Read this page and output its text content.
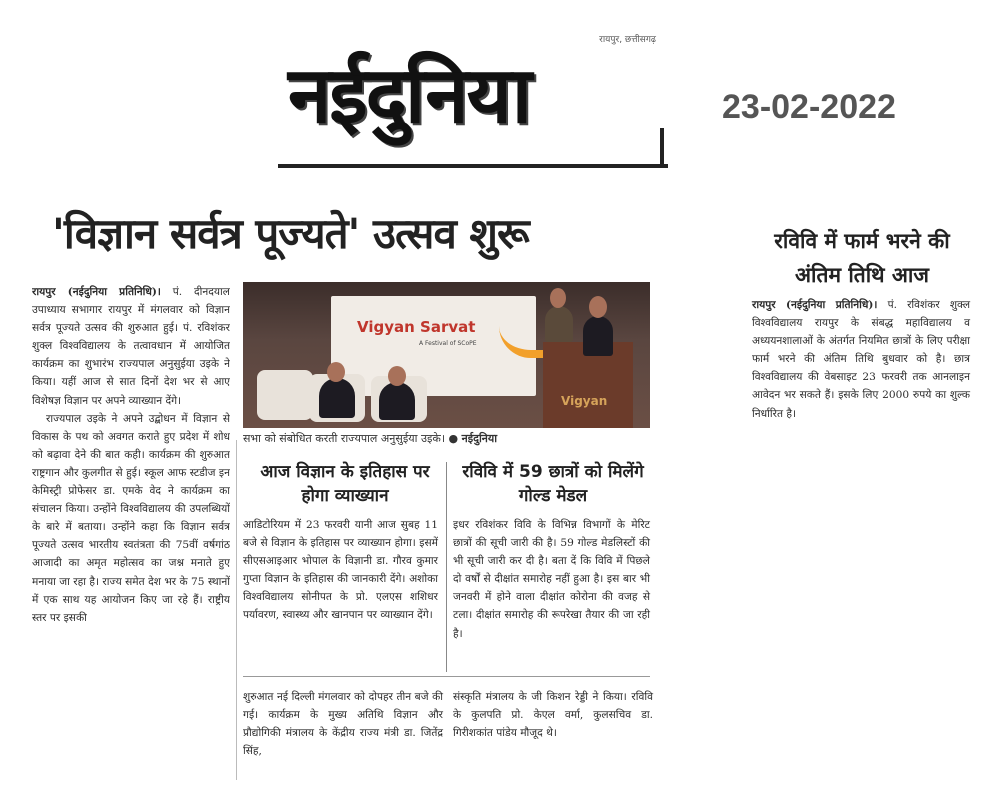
नईदुनिया
रायपुर, छत्तीसगढ़
23-02-2022
'विज्ञान सर्वत्र पूज्यते' उत्सव शुरू

रायपुर (नईदुनिया प्रतिनिधि)। पं. दीनदयाल उपाध्याय सभागार रायपुर में मंगलवार को विज्ञान सर्वत्र पूज्यते उत्सव की शुरुआत हुई। पं. रविशंकर शुक्ल विश्वविद्यालय के तत्वावधान में आयोजित कार्यक्रम का शुभारंभ राज्यपाल अनुसुईया उइके ने किया। यहीं आज से सात दिनों देश भर से आए विशेषज्ञ विज्ञान पर अपने व्याख्यान देंगे।

राज्यपाल उइके ने अपने उद्बोधन में विज्ञान से विकास के पथ को अवगत कराते हुए प्रदेश में शोध को बढ़ावा देने की बात कही। कार्यक्रम की शुरुआत राष्ट्रगान और कुलगीत से हुई। स्कूल आफ स्टडीज इन केमिस्ट्री प्रोफेसर डा. एमके वेद ने कार्यक्रम का संचालन किया। उन्होंने विश्वविद्यालय की उपलब्धियों के बारे में बताया। उन्होंने कहा कि विज्ञान सर्वत्र पूज्यते उत्सव भारतीय स्वतंत्रता की 75वीं वर्षगांठ आजादी का अमृत महोत्सव का जश्न मनाते हुए मनाया जा रहा है। राज्य समेत देश भर के 75 स्थानों में एक साथ यह आयोजन किए जा रहे हैं। राष्ट्रीय स्तर पर इसकी

Vigyan Sarvat
A Festival of SCoPE
Vigyan
सभा को संबोधित करती राज्यपाल अनुसुईया उइके। ● नईदुनिया
आज विज्ञान के इतिहास पर होगा व्याख्यान
रविवि में 59 छात्रों को मिलेंगे गोल्ड मेडल
आडिटोरियम में 23 फरवरी यानी आज सुबह 11 बजे से विज्ञान के इतिहास पर व्याख्यान होगा। इसमें सीएसआइआर भोपाल के विज्ञानी डा. गौरव कुमार गुप्ता विज्ञान के इतिहास की जानकारी देंगे। अशोका विश्वविद्यालय सोनीपत के प्रो. एलएस शशिधर पर्यावरण, स्वास्थ्य और खानपान पर व्याख्यान देंगे।
इधर रविशंकर विवि के विभिन्न विभागों के मेरिट छात्रों की सूची जारी की है। 59 गोल्ड मेडलिस्टों की भी सूची जारी कर दी है। बता दें कि विवि में पिछले दो वर्षों से दीक्षांत समारोह नहीं हुआ है। इस बार भी जनवरी में होने वाला दीक्षांत कोरोना की वजह से टला। दीक्षांत समारोह की रूपरेखा तैयार की जा रही है।
शुरुआत नई दिल्ली मंगलवार को दोपहर तीन बजे की गई। कार्यक्रम के मुख्य अतिथि विज्ञान और प्रौद्योगिकी मंत्रालय के केंद्रीय राज्य मंत्री डा. जितेंद्र सिंह,
संस्कृति मंत्रालय के जी किशन रेड्डी ने किया। रविवि के कुलपति प्रो. केएल वर्मा, कुलसचिव डा. गिरीशकांत पांडेय मौजूद थे।
रविवि में फार्म भरने की अंतिम तिथि आज
रायपुर (नईदुनिया प्रतिनिधि)। पं. रविशंकर शुक्ल विश्वविद्यालय रायपुर के संबद्ध महाविद्यालय व अध्ययनशालाओं के अंतर्गत नियमित छात्रों के लिए परीक्षा फार्म भरने की अंतिम तिथि बुधवार को है। छात्र विश्वविद्यालय की वेबसाइट 23 फरवरी तक आनलाइन आवेदन भर सकते हैं। इसके लिए 2000 रुपये का शुल्क निर्धारित है।
